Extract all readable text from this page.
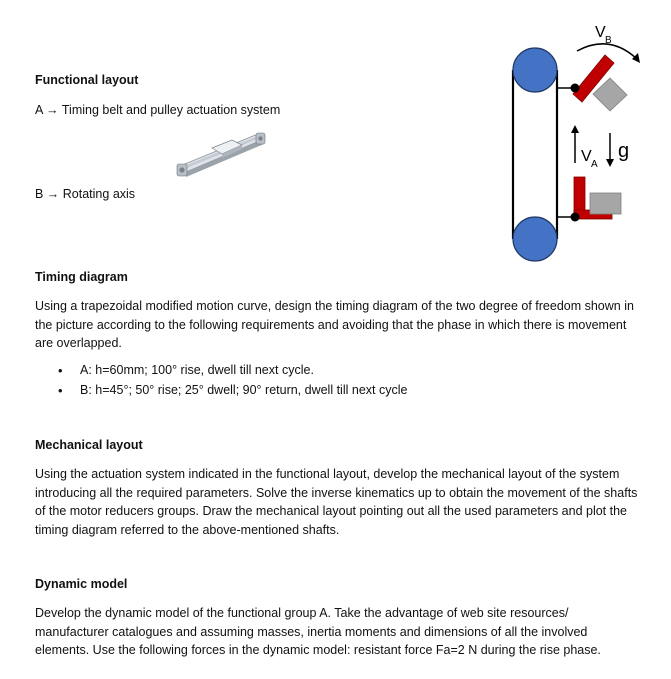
Functional layout
A → Timing belt and pulley actuation system
B → Rotating axis
V B
V A
g
Timing diagram
Using a trapezoidal modified motion curve, design the timing diagram of the two degree of freedom shown in the picture according to the following requirements and avoiding that the phase in which there is movement are overlapped.
• A: h=60mm; 100° rise, dwell till next cycle.
• B: h=45°; 50° rise; 25° dwell; 90° return, dwell till next cycle
Mechanical layout
Using the actuation system indicated in the functional layout, develop the mechanical layout of the system introducing all the required parameters. Solve the inverse kinematics up to obtain the movement of the shafts of the motor reducers groups. Draw the mechanical layout pointing out all the used parameters and plot the timing diagram referred to the above-mentioned shafts.
Dynamic model
Develop the dynamic model of the functional group A. Take the advantage of web site resources/ manufacturer catalogues and assuming masses, inertia moments and dimensions of all the involved elements. Use the following forces in the dynamic model: resistant force Fa=2 N during the rise phase.
